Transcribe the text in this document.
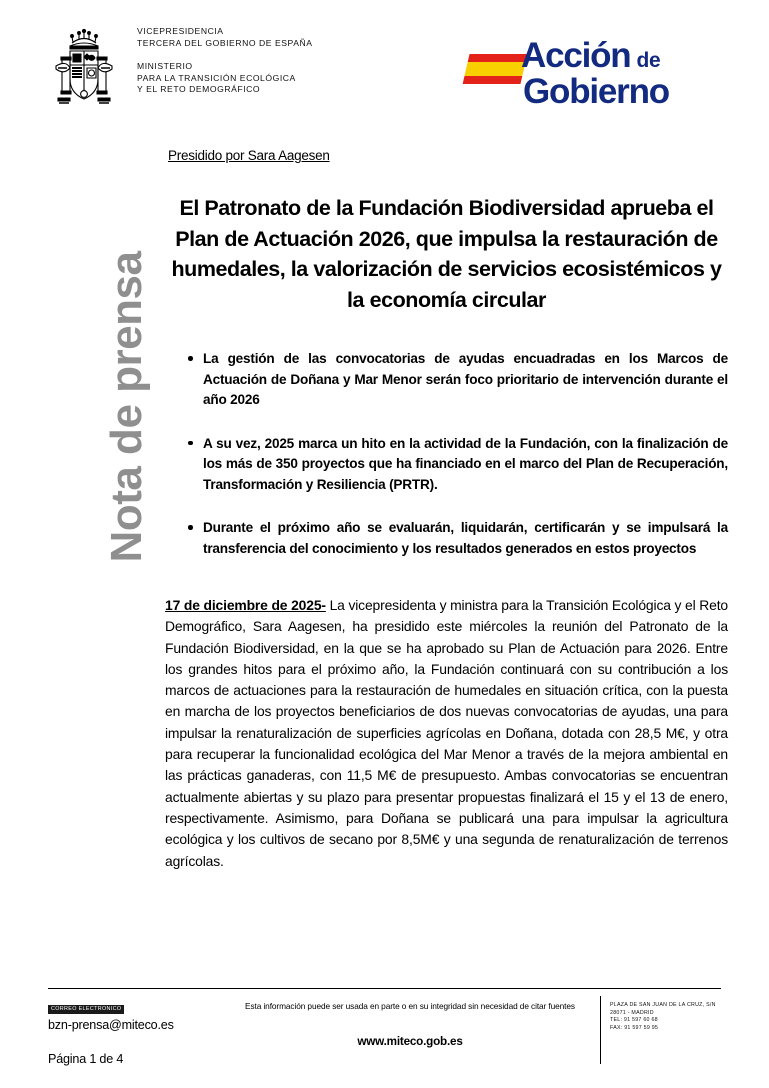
VICEPRESIDENCIA
TERCERA DEL GOBIERNO DE ESPAÑA
MINISTERIO
PARA LA TRANSICIÓN ECOLÓGICA
Y EL RETO DEMOGRÁFICO
Acción de
Gobierno
Nota de prensa
Presidido por Sara Aagesen
El Patronato de la Fundación Biodiversidad aprueba el Plan de Actuación 2026, que impulsa la restauración de humedales, la valorización de servicios ecosistémicos y la economía circular
La gestión de las convocatorias de ayudas encuadradas en los Marcos de Actuación de Doñana y Mar Menor serán foco prioritario de intervención durante el año 2026
A su vez, 2025 marca un hito en la actividad de la Fundación, con la finalización de los más de 350 proyectos que ha financiado en el marco del Plan de Recuperación, Transformación y Resiliencia (PRTR).
Durante el próximo año se evaluarán, liquidarán, certificarán y se impulsará la transferencia del conocimiento y los resultados generados en estos proyectos

17 de diciembre de 2025- La vicepresidenta y ministra para la Transición Ecológica y el Reto Demográfico, Sara Aagesen, ha presidido este miércoles la reunión del Patronato de la Fundación Biodiversidad, en la que se ha aprobado su Plan de Actuación para 2026. Entre los grandes hitos para el próximo año, la Fundación continuará con su contribución a los marcos de actuaciones para la restauración de humedales en situación crítica, con la puesta en marcha de los proyectos beneficiarios de dos nuevas convocatorias de ayudas, una para impulsar la renaturalización de superficies agrícolas en Doñana, dotada con 28,5 M€, y otra para recuperar la funcionalidad ecológica del Mar Menor a través de la mejora ambiental en las prácticas ganaderas, con 11,5 M€ de presupuesto. Ambas convocatorias se encuentran actualmente abiertas y su plazo para presentar propuestas finalizará el 15 y el 13 de enero, respectivamente. Asimismo, para Doñana se publicará una para impulsar la agricultura ecológica y los cultivos de secano por 8,5M€ y una segunda de renaturalización de terrenos agrícolas.

CORREO ELECTRONICO
bzn-prensa@miteco.es
Página 1 de 4
Esta información puede ser usada en parte o en su integridad sin necesidad de citar fuentes
www.miteco.gob.es
PLAZA DE SAN JUAN DE LA CRUZ, S/N
28071 - MADRID
TEL: 91 597 60 68
FAX: 91 597 59 95
